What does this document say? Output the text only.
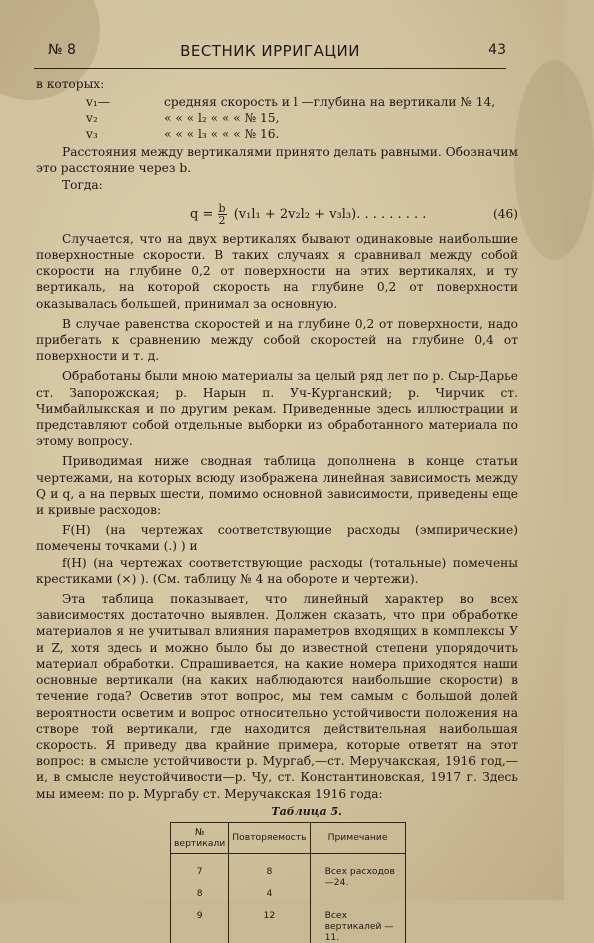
№ 8	ВЕСТНИК ИРРИГАЦИИ	43

в которых:

v₁—	средняя скорость и l —глубина на вертикали № 14,
v₂	« « « l₂ « « « № 15,
v₃	« « « l₃ « « « № 16.

Расстояния между вертикалями принято делать равными. Обозначим это расстояние через b.

Тогда:

$q = \frac{b}{2} (v_1l_1 + 2v_2l_2 + v_3l_3)$. . . . . . . . .	(46)

Случается, что на двух вертикалях бывают одинаковые наибольшие поверхностные скорости. В таких случаях я сравнивал между собой скорости на глубине 0,2 от поверхности на этих вертикалях, и ту вертикаль, на которой скорость на глубине 0,2 от поверхности оказывалась большей, принимал за основную.

В случае равенства скоростей и на глубине 0,2 от поверхности, надо прибегать к сравнению между собой скоростей на глубине 0,4 от поверхности и т. д.

Обработаны были мною материалы за целый ряд лет по р. Сыр-Дарье ст. Запорожская; р. Нарын п. Уч-Курганский; р. Чирчик ст. Чимбайлыкская и по другим рекам. Приведенные здесь иллюстрации и представляют собой отдельные выборки из обработанного материала по этому вопросу.

Приводимая ниже сводная таблица дополнена в конце статьи чертежами, на которых всюду изображена линейная зависимость между Q и q, а на первых шести, помимо основной зависимости, приведены еще и кривые расходов:

F(H) (на чертежах соответствующие расходы (эмпирические) помечены точками (.) ) и

f(H) (на чертежах соответствующие расходы (тотальные) помечены крестиками (×) ). (См. таблицу № 4 на обороте и чертежи).

Эта таблица показывает, что линейный характер во всех зависимостях достаточно выявлен. Должен сказать, что при обработке материалов я не учитывал влияния параметров входящих в комплексы У и Z, хотя здесь и можно было бы до известной степени упорядочить материал обработки. Спрашивается, на какие номера приходятся наши основные вертикали (на каких наблюдаются наибольшие скорости) в течение года? Осветив этот вопрос, мы тем самым с большой долей вероятности осветим и вопрос относительно устойчивости положения на створе той вертикали, где находится действительная наибольшая скорость. Я приведу два крайние примера, которые ответят на этот вопрос: в смысле устойчивости р. Мургаб,—ст. Меручакская, 1916 год,—и, в смысле неустойчивости—р. Чу, ст. Константиновская, 1917 г. Здесь мы имеем: по р. Мургабу ст. Меручакская 1916 года:

Таблица 5.
№ вертикали	Повторяемость	Примечание
7	8	Всех расходов—24.
8	4	
9	12	Всех вертикалей —11.
